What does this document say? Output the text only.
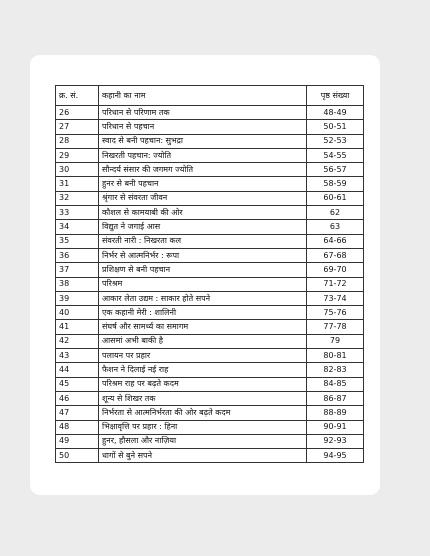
क्र. सं.	कहानी का नाम	पृष्ठ संख्या
26	परिधान से परिणाम तक	48-49
27	परिधान से पहचान	50-51
28	स्वाद से बनी पहचान: सुभद्रा	52-53
29	निखरती पहचान: ज्योति	54-55
30	सौन्दर्य संसार की जगमग ज्योति	56-57
31	हुनर से बनी पहचान	58-59
32	श्रृंगार से संवरता जीवन	60-61
33	कौशल से कामयाबी की ओर	62
34	विद्युत ने जगाई आस	63
35	संवरती नारी : निखरता कल	64-66
36	निर्भर से आत्मनिर्भर : रूपा	67-68
37	प्रशिक्षण से बनी पहचान	69-70
38	परिश्रम	71-72
39	आकार लेता उद्यम : साकार होते सपने	73-74
40	एक कहानी मेरी : शालिनी	75-76
41	संघर्ष और सामर्थ्य का समागम	77-78
42	आसमां अभी बाकी है	79
43	पलायन पर प्रहार	80-81
44	फैशन ने दिलाई नई राह	82-83
45	परिश्रम राह पर बढ़ते कदम	84-85
46	शून्य से शिखर तक	86-87
47	निर्भरता से आत्मनिर्भरता की ओर बढ़ते कदम	88-89
48	भिक्षावृत्ति पर प्रहार : हिना	90-91
49	हुनर, हौसला और नाज़िया	92-93
50	धागों से बुने सपने	94-95
